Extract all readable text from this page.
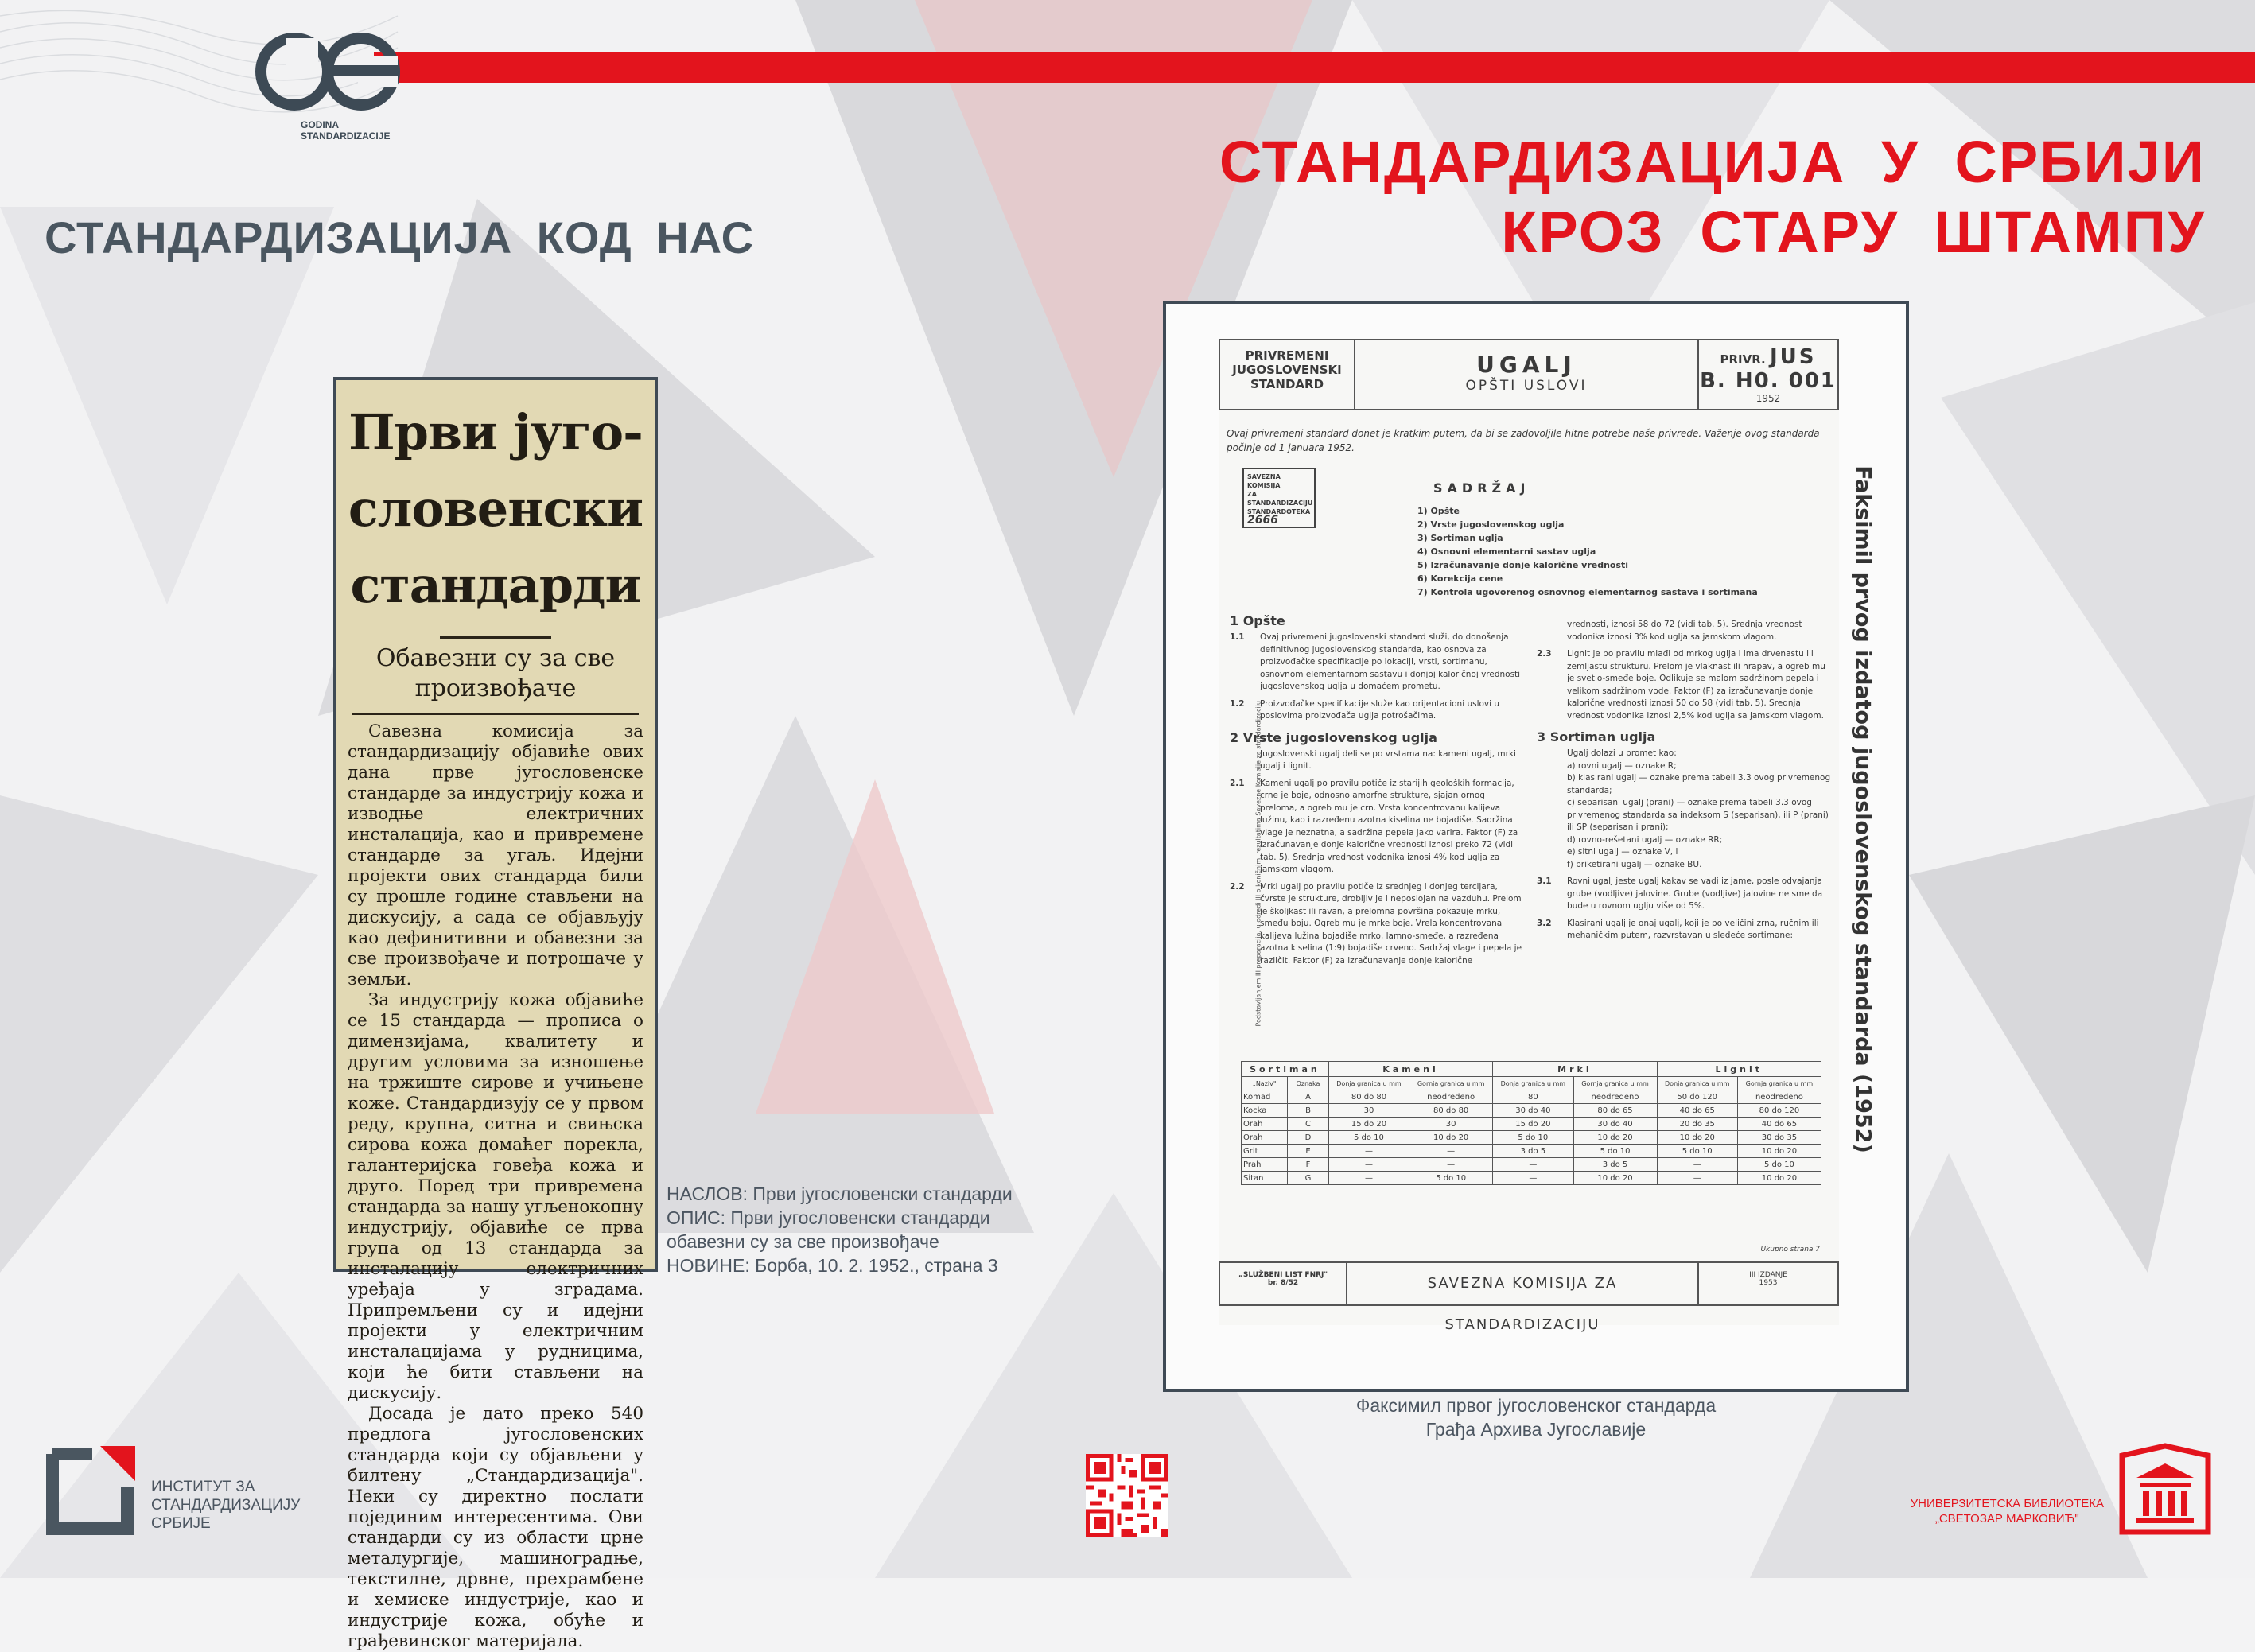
GODINA
STANDARDIZACIJE	СТАНДАРДИЗАЦИЈА У СРБИЈИ
КРОЗ СТАРУ ШТАМПУ
СТАНДАРДИЗАЦИЈА КОД НАС
Први југо-
словенски
стандарди
Обавезни су за све
произвођаче

Савезна комисија за стандардизацију објавиће ових дана прве југословенске стандарде за индустрију кожа и изводње електричних инсталација, као и привремене стандарде за угаљ. Идејни пројекти ових стандарда били су прошле године стављени на дискусију, а сада се објављују као дефинитивни и обавезни за све произвођаче и потрошаче у земљи.

За индустрију кожа објавиће се 15 стандарда — прописа о димензијама, квалитету и другим условима за изношење на тржиште сирове и учињене коже. Стандардизују се у првом реду, крупна, ситна и свињска сирова кожа домаћег порекла, галантеријска говеђа кожа и друго. Поред три привремена стандарда за нашу угљенокопну индустрију, објавиће се прва група од 13 стандарда за инсталацију електричних уређаја у зградама. Припремљени су и идејни пројекти у електричним инсталацијама у рудницима, који ће бити стављени на дискусију.

Досада је дато преко 540 предлога југословенских стандарда који су објављени у билтену „Стандардизација". Неки су директно послати појединим интересентима. Ови стандарди су из области црне металургије, машиноградње, текстилне, дрвне, прехрамбене и хемиске индустрије, као и индустрије кожа, обуће и грађевинског материјала.

НАСЛОВ: Први југословенски стандарди
ОПИС: Први југословенски стандарди
обавезни су за све произвођаче
НОВИНЕ: Борба, 10. 2. 1952., страна 3
PRIVREMENI
JUGOSLOVENSKI
STANDARD
UGALJ
OPŠTI USLOVI
PRIVR. JUS
B. H0. 001
1952
Ovaj privremeni standard donet je kratkim putem, da bi se zadovoljile hitne potrebe naše privrede. Važenje ovog standarda počinje od 1 januara 1952.
SAVEZNA KOMISIJA
ZA STANDARDIZACIJU
STANDARDOTEKA
2666
SADRŽAJ
1) Opšte
2) Vrste jugoslovenskog uglja
3) Sortiman uglja
4) Osnovni elementarni sastav uglja
5) Izračunavanje donje kalorične vrednosti
6) Korekcija cene
7) Kontrola ugovorenog osnovnog elementarnog sastava i sortimana
Podstavljanjem III preparacija, u odredi III o koničnim, rezultatima Savezne Komisije za standardizaciju
1 Opšte
1.1	Ovaj privremeni jugoslovenski standard služi, do donošenja definitivnog jugoslovenskog standarda, kao osnova za proizvođačke specifikacije po lokaciji, vrsti, sortimanu, osnovnom elementarnom sastavu i donjoj kaloričnoj vrednosti jugoslovenskog uglja u domaćem prometu.
1.2	Proizvođačke specifikacije služe kao orijentacioni uslovi u poslovima proizvođača uglja potrošačima.
2 Vrste jugoslovenskog uglja
Jugoslovenski ugalj deli se po vrstama na: kameni ugalj, mrki ugalj i lignit.
2.1	Kameni ugalj po pravilu potiče iz starijih geoloških formacija, crne je boje, odnosno amorfne strukture, sjajan ornog preloma, a ogreb mu je crn. Vrsta koncentrovanu kalijeva lužinu, kao i razređenu azotna kiselina ne bojadiše. Sadržina vlage je neznatna, a sadržina pepela jako varira. Faktor (F) za izračunavanje donje kalorične vrednosti iznosi preko 72 (vidi tab. 5). Srednja vrednost vodonika iznosi 4% kod uglja za jamskom vlagom.
2.2	Mrki ugalj po pravilu potiče iz srednjeg i donjeg tercijara, čvrste je strukture, drobljiv je i neposlojan na vazduhu. Prelom je školjkast ili ravan, a prelomna površina pokazuje mrku, smeđu boju. Ogreb mu je mrke boje. Vrela koncentrovana kalijeva lužina bojadiše mrko, lamno-smeđe, a razređena azotna kiselina (1:9) bojadiše crveno. Sadržaj vlage i pepela je različit. Faktor (F) za izračunavanje donje kalorične
vrednosti, iznosi 58 do 72 (vidi tab. 5). Srednja vrednost vodonika iznosi 3% kod uglja sa jamskom vlagom.
2.3	Lignit je po pravilu mlađi od mrkog uglja i ima drvenastu ili zemljastu strukturu. Prelom je vlaknast ili hrapav, a ogreb mu je svetlo-smeđe boje. Odlikuje se malom sadržinom pepela i velikom sadržinom vode. Faktor (F) za izračunavanje donje kalorične vrednosti iznosi 50 do 58 (vidi tab. 5). Srednja vrednost vodonika iznosi 2,5% kod uglja sa jamskom vlagom.
3 Sortiman uglja
Ugalj dolazi u promet kao:
a) rovni ugalj — oznake R;
b) klasirani ugalj — oznake prema tabeli 3.3 ovog privremenog standarda;
c) separisani ugalj (prani) — oznake prema tabeli 3.3 ovog privremenog standarda sa indeksom S (separisan), ili P (prani) ili SP (separisan i prani);
d) rovno-rešetani ugalj — oznake RR;
e) sitni ugalj — oznake V, i
f) briketirani ugalj — oznake BU.
3.1	Rovni ugalj jeste ugalj kakav se vadi iz jame, posle odvajanja grube (vodljive) jalovine. Grube (vodljive) jalovine ne sme da bude u rovnom uglju više od 5%.
3.2	Klasirani ugalj je onaj ugalj, koji je po veličini zrna, ručnim ili mehaničkim putem, razvrstavan u sledeće sortimane:
Sortiman		Kameni		Mrki		Lignit	
„Naziv"	Oznaka	Donja granica u mm	Gornja granica u mm	Donja granica u mm	Gornja granica u mm	Donja granica u mm	Gornja granica u mm
Komad	A	80 do 80	neodređeno	80	neodređeno	50 do 120	neodređeno
Kocka	B	30	80 do 80	30 do 40	80 do 65	40 do 65	80 do 120
Orah	C	15 do 20	30	15 do 20	30 do 40	20 do 35	40 do 65
Orah	D	5 do 10	10 do 20	5 do 10	10 do 20	10 do 20	30 do 35
Grit	E	—	—	3 do 5	5 do 10	5 do 10	10 do 20
Prah	F	—	—	—	3 do 5	—	5 do 10
Sitan	G	—	5 do 10	—	10 do 20	—	10 do 20
Ukupno strana 7
„SLUŽBENI LIST FNRJ"
br. 8/52	SAVEZNA KOMISIJA ZA STANDARDIZACIJU
III IZDANJE
1953
Faksimil prvog izdatog jugoslovenskog standarda (1952)
Факсимил првог југословенског стандарда
Грађа Архива Југославије
ИНСТИТУТ ЗА
СТАНДАРДИЗАЦИЈУ
СРБИЈЕ
УНИВЕРЗИТЕТСКА БИБЛИОТЕКА
„СВЕТОЗАР МАРКОВИЋ"
